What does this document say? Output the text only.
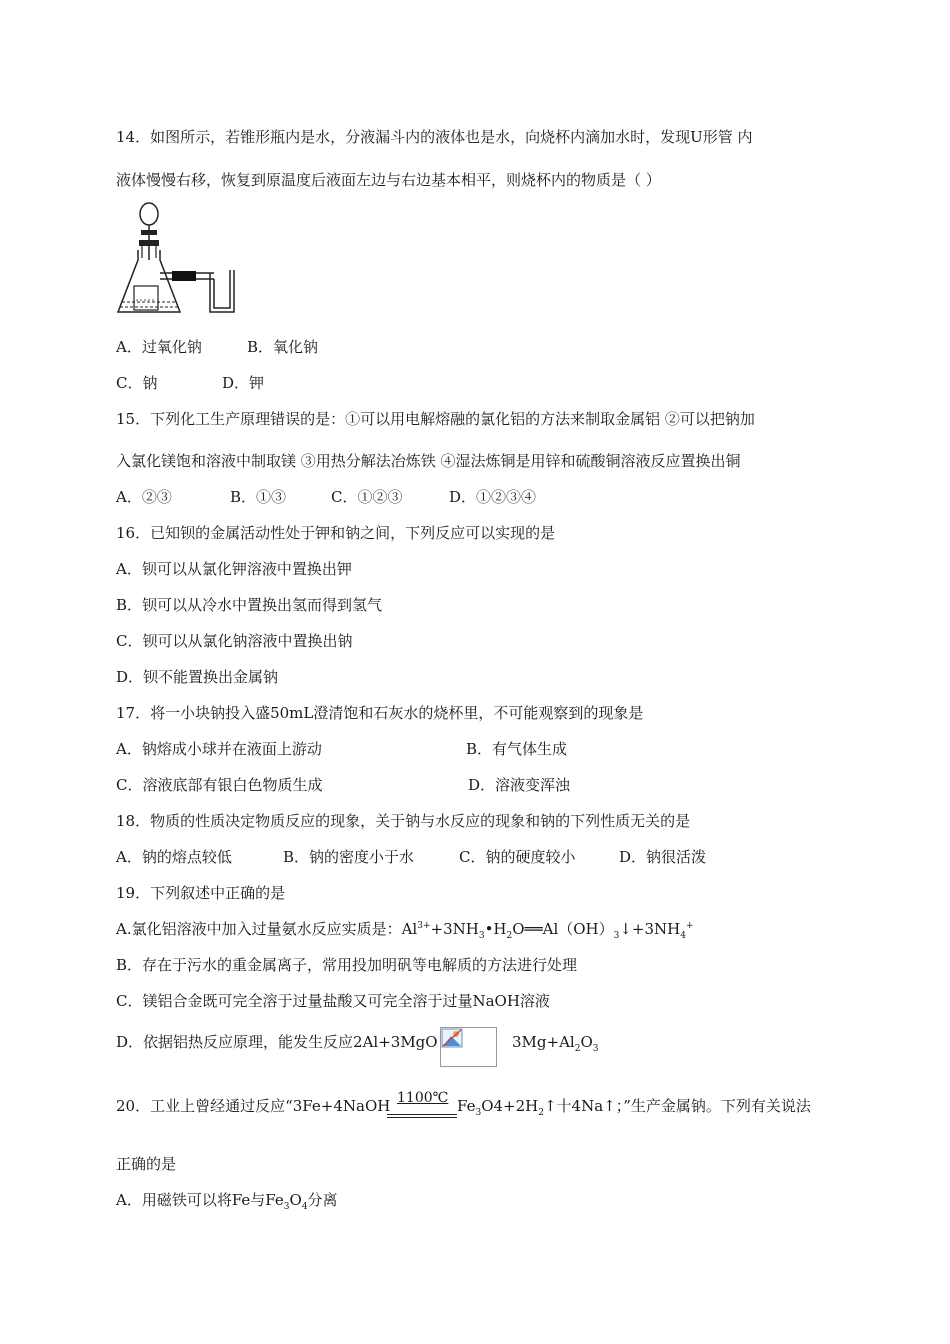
14．如图所示，若锥形瓶内是水，分液漏斗内的液体也是水，向烧杯内滴加水时，发现U形管 内
液体慢慢右移，恢复到原温度后液面左边与右边基本相平，则烧杯内的物质是（ ）
A．过氧化钠	B．氧化钠
C．钠	D．钾
15．下列化工生产原理错误的是：①可以用电解熔融的氯化铝的方法来制取金属铝 ②可以把钠加
入氯化镁饱和溶液中制取镁 ③用热分解法冶炼铁 ④湿法炼铜是用锌和硫酸铜溶液反应置换出铜
A．②③	B．①③	C．①②③	D．①②③④
16．已知钡的金属活动性处于钾和钠之间，下列反应可以实现的是
A．钡可以从氯化钾溶液中置换出钾
B．钡可以从冷水中置换出氢而得到氢气
C．钡可以从氯化钠溶液中置换出钠
D．钡不能置换出金属钠
17．将一小块钠投入盛50mL澄清饱和石灰水的烧杯里，不可能观察到的现象是
A．钠熔成小球并在液面上游动	B．有气体生成
C．溶液底部有银白色物质生成	D．溶液变浑浊
18．物质的性质决定物质反应的现象，关于钠与水反应的现象和钠的下列性质无关的是
A．钠的熔点较低	B．钠的密度小于水	C．钠的硬度较小	D．钠很活泼
19．下列叙述中正确的是
A.氯化铝溶液中加入过量氨水反应实质是：$Al^{3+}+3NH_3•H_2O══Al(OH)_3↓+3NH_4^+$
B．存在于污水的重金属离子，常用投加明矾等电解质的方法进行处理
C．镁铝合金既可完全溶于过量盐酸又可完全溶于过量NaOH溶液
D．依据铝热反应原理，能发生反应2Al+3MgO	$3Mg+Al_2O_3$
20．工业上曾经通过反应“3Fe+4NaOH 1100℃ $Fe_3O4+2H_2↑$十4Na↑；”生产金属钠。下列有关说法
正确的是
A．用磁铁可以将Fe与$Fe_3O_4$分离
